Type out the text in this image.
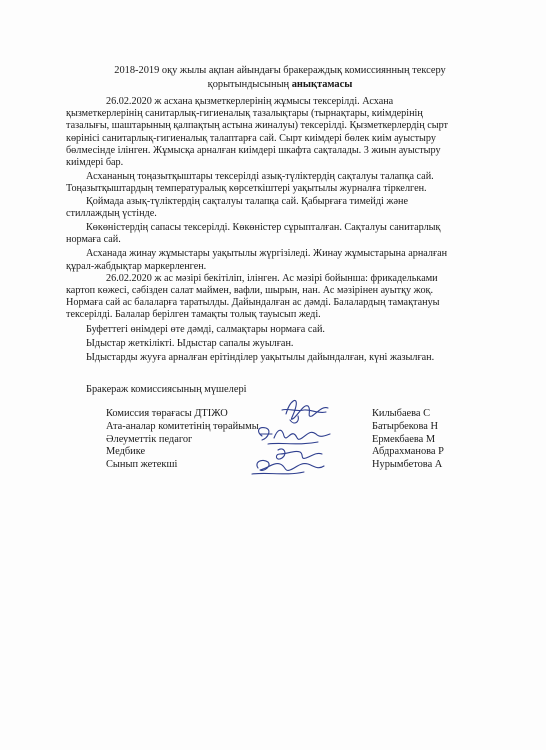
2018-2019 оқу жылы ақпан айындағы бракераждық комиссиянның тексеру
қорытындысының анықтамасы

26.02.2020 ж асхана қызметкерлерінің жұмысы тексерілді. Асхана

қызметкерлерінің санитарлық-гигиеналық тазалықтары (тырнақтары, киімдерінің

тазалығы, шаштарының қалпақтың астына жиналуы) тексерілді. Қызметкерлердің сырт

көрінісі санитарлық-гигиеналық талаптарға сай. Сырт киімдері бөлек киім ауыстыру

бөлмесінде ілінген. Жұмысқа арналған киімдері шкафта сақталады. 3 жиын ауыстыру

киімдері бар.

Асхананың тоңазытқыштары тексерілді азық-түліктердің сақталуы талапқа сай.

Тоңазытқыштардың температуралық көрсеткіштері уақытылы журналға тіркелген.

Қоймада азық-түліктердің сақталуы талапқа сай. Қабырғаға тимейді және

стиллаждың үстінде.

Көкөністердің сапасы тексерілді. Көкөністер сұрыпталған. Сақталуы санитарлық

нормаға сай.

Асханада жинау жұмыстары уақытылы жүргізіледі. Жинау жұмыстарына арналған

құрал-жабдықтар маркерленген.

26.02.2020 ж ас мәзірі бекітіліп, ілінген. Ас мәзірі бойынша: фрикадельками

картоп көжесі, сәбізден салат маймен, вафли, шырын, нан. Ас мәзірінен ауытқу жоқ.

Нормаға сай ас балаларға таратылды. Дайындалған ас дәмді. Балалардың тамақтануы

тексерілді. Балалар берілген тамақты толық тауысып жеді.

Буфеттегі өнімдері өте дәмді, салмақтары нормаға сай.

Ыдыстар жеткілікті. Ыдыстар сапалы жуылған.

Ыдыстарды жууға арналған ерітінділер уақытылы дайындалған, күні жазылған.

Бракераж комиссиясының мүшелері
Комиссия төрағасы ДТІЖО
Ата-аналар комитетінің төрайымы
Әлеуметтік педагог
Медбике
Сынып жетекші
Килыбаева С
Батырбекова Н
Ермекбаева М
Абдрахманова Р
Нурымбетова А
